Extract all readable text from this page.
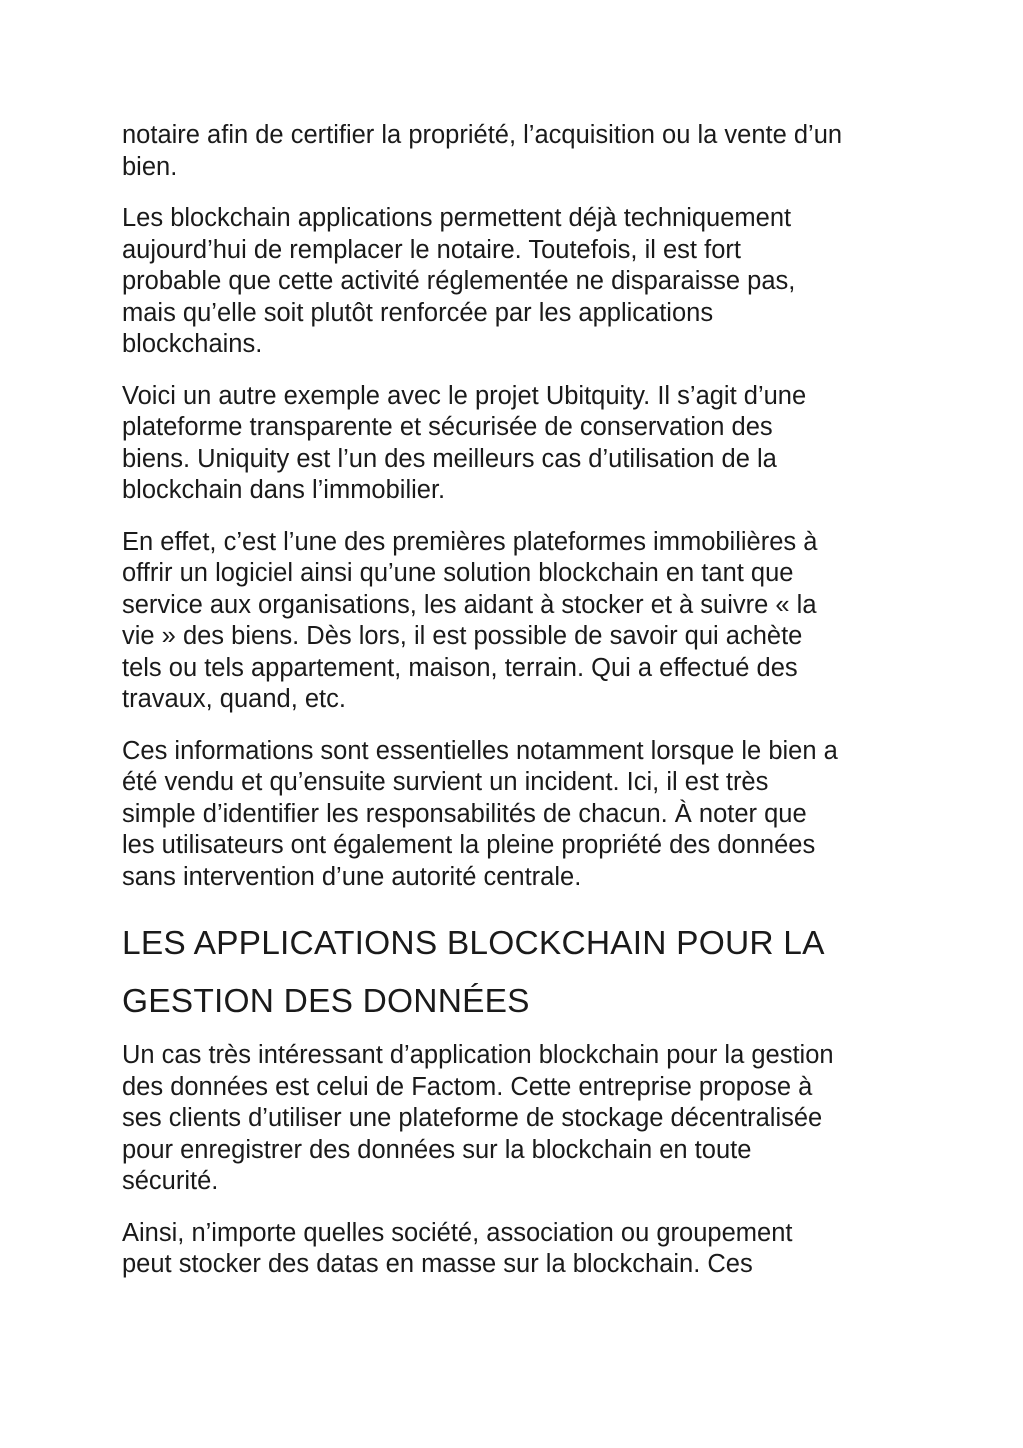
notaire afin de certifier la propriété, l’acquisition ou la vente d’un
bien.

Les blockchain applications permettent déjà techniquement
aujourd’hui de remplacer le notaire. Toutefois, il est fort
probable que cette activité réglementée ne disparaisse pas,
mais qu’elle soit plutôt renforcée par les applications
blockchains.

Voici un autre exemple avec le projet Ubitquity. Il s’agit d’une
plateforme transparente et sécurisée de conservation des
biens. Uniquity est l’un des meilleurs cas d’utilisation de la
blockchain dans l’immobilier.

En effet, c’est l’une des premières plateformes immobilières à
offrir un logiciel ainsi qu’une solution blockchain en tant que
service aux organisations, les aidant à stocker et à suivre « la
vie » des biens. Dès lors, il est possible de savoir qui achète
tels ou tels appartement, maison, terrain. Qui a effectué des
travaux, quand, etc.

Ces informations sont essentielles notamment lorsque le bien a
été vendu et qu’ensuite survient un incident. Ici, il est très
simple d’identifier les responsabilités de chacun. À noter que
les utilisateurs ont également la pleine propriété des données
sans intervention d’une autorité centrale.

LES APPLICATIONS BLOCKCHAIN POUR LA
GESTION DES DONNÉES

Un cas très intéressant d’application blockchain pour la gestion
des données est celui de Factom. Cette entreprise propose à
ses clients d’utiliser une plateforme de stockage décentralisée
pour enregistrer des données sur la blockchain en toute
sécurité.

Ainsi, n’importe quelles société, association ou groupement
peut stocker des datas en masse sur la blockchain. Ces
